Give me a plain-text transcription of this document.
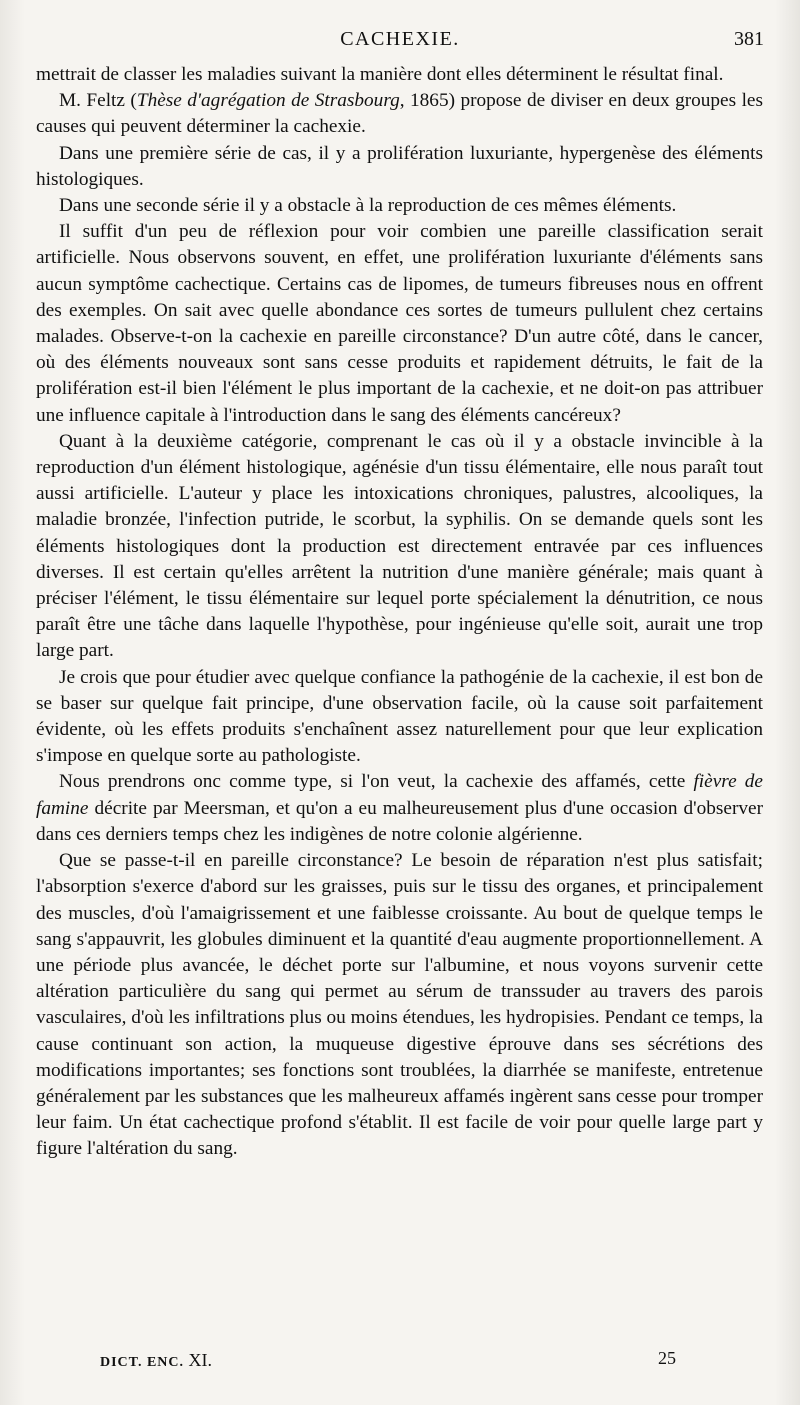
CACHEXIE.	381

mettrait de classer les maladies suivant la manière dont elles déterminent le résultat final.

M. Feltz (Thèse d'agrégation de Strasbourg, 1865) propose de diviser en deux groupes les causes qui peuvent déterminer la cachexie.

Dans une première série de cas, il y a prolifération luxuriante, hypergenèse des éléments histologiques.

Dans une seconde série il y a obstacle à la reproduction de ces mêmes éléments.

Il suffit d'un peu de réflexion pour voir combien une pareille classification serait artificielle. Nous observons souvent, en effet, une prolifération luxuriante d'éléments sans aucun symptôme cachectique. Certains cas de lipomes, de tumeurs fibreuses nous en offrent des exemples. On sait avec quelle abondance ces sortes de tumeurs pullulent chez certains malades. Observe-t-on la cachexie en pareille circonstance? D'un autre côté, dans le cancer, où des éléments nouveaux sont sans cesse produits et rapidement détruits, le fait de la prolifération est-il bien l'élément le plus important de la cachexie, et ne doit-on pas attribuer une influence capitale à l'introduction dans le sang des éléments cancéreux?

Quant à la deuxième catégorie, comprenant le cas où il y a obstacle invincible à la reproduction d'un élément histologique, agénésie d'un tissu élémentaire, elle nous paraît tout aussi artificielle. L'auteur y place les intoxications chroniques, palustres, alcooliques, la maladie bronzée, l'infection putride, le scorbut, la syphilis. On se demande quels sont les éléments histologiques dont la production est directement entravée par ces influences diverses. Il est certain qu'elles arrêtent la nutrition d'une manière générale; mais quant à préciser l'élément, le tissu élémentaire sur lequel porte spécialement la dénutrition, ce nous paraît être une tâche dans laquelle l'hypothèse, pour ingénieuse qu'elle soit, aurait une trop large part.

Je crois que pour étudier avec quelque confiance la pathogénie de la cachexie, il est bon de se baser sur quelque fait principe, d'une observation facile, où la cause soit parfaitement évidente, où les effets produits s'enchaînent assez naturellement pour que leur explication s'impose en quelque sorte au pathologiste.

Nous prendrons onc comme type, si l'on veut, la cachexie des affamés, cette fièvre de famine décrite par Meersman, et qu'on a eu malheureusement plus d'une occasion d'observer dans ces derniers temps chez les indigènes de notre colonie algérienne.

Que se passe-t-il en pareille circonstance? Le besoin de réparation n'est plus satisfait; l'absorption s'exerce d'abord sur les graisses, puis sur le tissu des organes, et principalement des muscles, d'où l'amaigrissement et une faiblesse croissante. Au bout de quelque temps le sang s'appauvrit, les globules diminuent et la quantité d'eau augmente proportionnellement. A une période plus avancée, le déchet porte sur l'albumine, et nous voyons survenir cette altération particulière du sang qui permet au sérum de transsuder au travers des parois vasculaires, d'où les infiltrations plus ou moins étendues, les hydropisies. Pendant ce temps, la cause continuant son action, la muqueuse digestive éprouve dans ses sécrétions des modifications importantes; ses fonctions sont troublées, la diarrhée se manifeste, entretenue généralement par les substances que les malheureux affamés ingèrent sans cesse pour tromper leur faim. Un état cachectique profond s'établit. Il est facile de voir pour quelle large part y figure l'altération du sang.

DICT. ENC. XI.	25
